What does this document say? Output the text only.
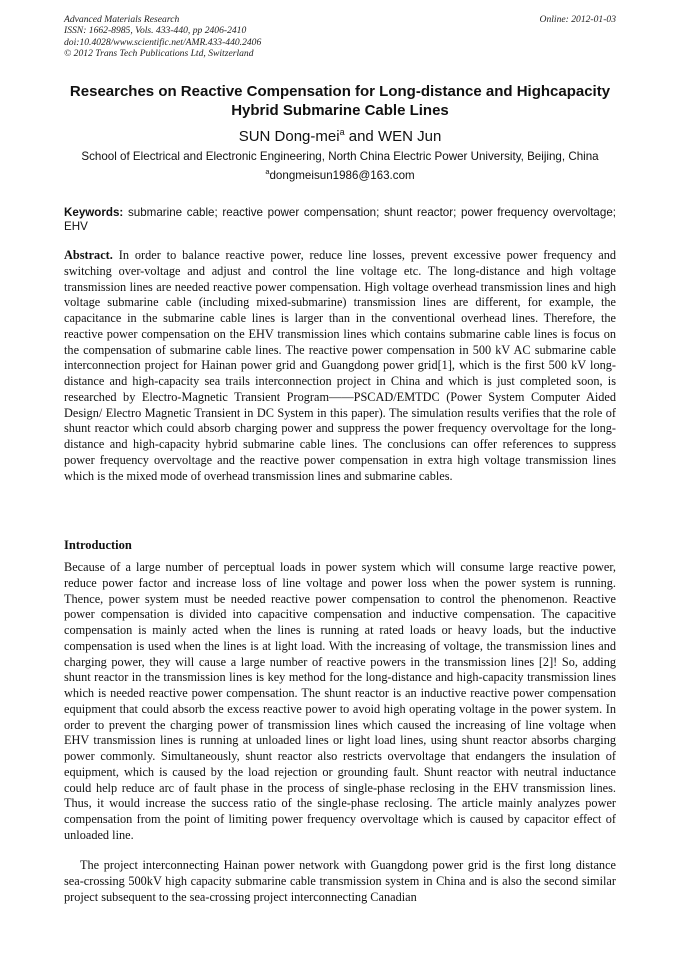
Advanced Materials Research
ISSN: 1662-8985, Vols. 433-440, pp 2406-2410
doi:10.4028/www.scientific.net/AMR.433-440.2406
© 2012 Trans Tech Publications Ltd, Switzerland
Online: 2012-01-03
Researches on Reactive Compensation for Long-distance and Highcapacity Hybrid Submarine Cable Lines
SUN Dong-mei$^a$ and WEN Jun
School of Electrical and Electronic Engineering, North China Electric Power University, Beijing, China
$^a$dongmeisun1986@163.com
Keywords: submarine cable; reactive power compensation; shunt reactor; power frequency overvoltage; EHV

Abstract. In order to balance reactive power, reduce line losses, prevent excessive power frequency and switching over-voltage and adjust and control the line voltage etc. The long-distance and high voltage transmission lines are needed reactive power compensation. High voltage overhead transmission lines and high voltage submarine cable (including mixed-submarine) transmission lines are different, for example, the capacitance in the submarine cable lines is larger than in the conventional overhead lines. Therefore, the reactive power compensation on the EHV transmission lines which contains submarine cable lines is focus on the compensation of submarine cable lines. The reactive power compensation in 500 kV AC submarine cable interconnection project for Hainan power grid and Guangdong power grid[1], which is the first 500 kV long-distance and high-capacity sea trails interconnection project in China and which is just completed soon, is researched by Electro-Magnetic Transient Program——PSCAD/EMTDC (Power System Computer Aided Design/ Electro Magnetic Transient in DC System in this paper). The simulation results verifies that the role of shunt reactor which could absorb charging power and suppress the power frequency overvoltage for the long-distance and high-capacity hybrid submarine cable lines. The conclusions can offer references to suppress power frequency overvoltage and the reactive power compensation in extra high voltage transmission lines which is the mixed mode of overhead transmission lines and submarine cables.

Introduction

Because of a large number of perceptual loads in power system which will consume large reactive power, reduce power factor and increase loss of line voltage and power loss when the power system is running. Thence, power system must be needed reactive power compensation to control the phenomenon. Reactive power compensation is divided into capacitive compensation and inductive compensation. The capacitive compensation is mainly acted when the lines is running at rated loads or heavy loads, but the inductive compensation is used when the lines is at light load. With the increasing of voltage, the transmission lines and charging power, they will cause a large number of reactive powers in the transmission lines [2]! So, adding shunt reactor in the transmission lines is key method for the long-distance and high-capacity transmission lines which is needed reactive power compensation. The shunt reactor is an inductive reactive power compensation equipment that could absorb the excess reactive power to avoid high operating voltage in the power system. In order to prevent the charging power of transmission lines which caused the increasing of line voltage when EHV transmission lines is running at unloaded lines or light load lines, using shunt reactor absorbs charging power commonly. Simultaneously, shunt reactor also restricts overvoltage that endangers the insulation of equipment, which is caused by the load rejection or grounding fault. Shunt reactor with neutral inductance could help reduce arc of fault phase in the process of single-phase reclosing in the EHV transmission lines. Thus, it would increase the success ratio of the single-phase reclosing. The article mainly analyzes power compensation from the point of limiting power frequency overvoltage which is caused by capacitor effect of unloaded line.

The project interconnecting Hainan power network with Guangdong power grid is the first long distance sea-crossing 500kV high capacity submarine cable transmission system in China and is also the second similar project subsequent to the sea-crossing project interconnecting Canadian
